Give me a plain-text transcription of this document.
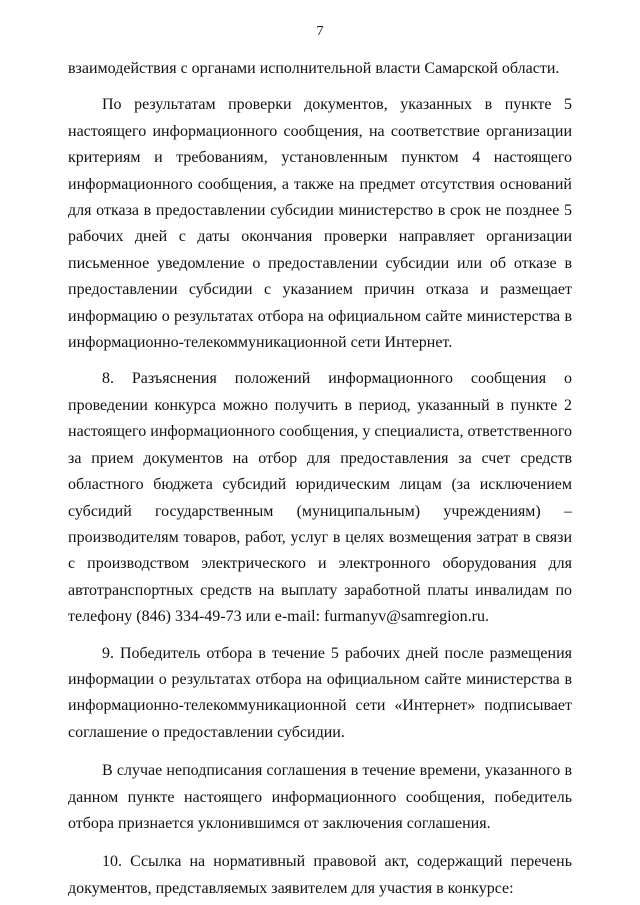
7

взаимодействия с органами исполнительной власти Самарской области.

По результатам проверки документов, указанных в пункте 5 настоящего информационного сообщения, на соответствие организации критериям и требованиям, установленным пунктом 4 настоящего информационного сообщения, а также на предмет отсутствия оснований для отказа в предоставлении субсидии министерство в срок не позднее 5 рабочих дней с даты окончания проверки направляет организации письменное уведомление о предоставлении субсидии или об отказе в предоставлении субсидии с указанием причин отказа и размещает информацию о результатах отбора на официальном сайте министерства в информационно-телекоммуникационной сети Интернет.

8. Разъяснения положений информационного сообщения о проведении конкурса можно получить в период, указанный в пункте 2 настоящего информационного сообщения, у специалиста, ответственного за прием документов на отбор для предоставления за счет средств областного бюджета субсидий юридическим лицам (за исключением субсидий государственным (муниципальным) учреждениям) – производителям товаров, работ, услуг в целях возмещения затрат в связи с производством электрического и электронного оборудования для автотранспортных средств на выплату заработной платы инвалидам по телефону (846) 334-49-73 или e-mail: furmanyv@samregion.ru.

9. Победитель отбора в течение 5 рабочих дней после размещения информации о результатах отбора на официальном сайте министерства в информационно-телекоммуникационной сети «Интернет» подписывает соглашение о предоставлении субсидии.

В случае неподписания соглашения в течение времени, указанного в данном пункте настоящего информационного сообщения, победитель отбора признается уклонившимся от заключения соглашения.

10. Ссылка на нормативный правовой акт, содержащий перечень документов, представляемых заявителем для участия в конкурсе:
